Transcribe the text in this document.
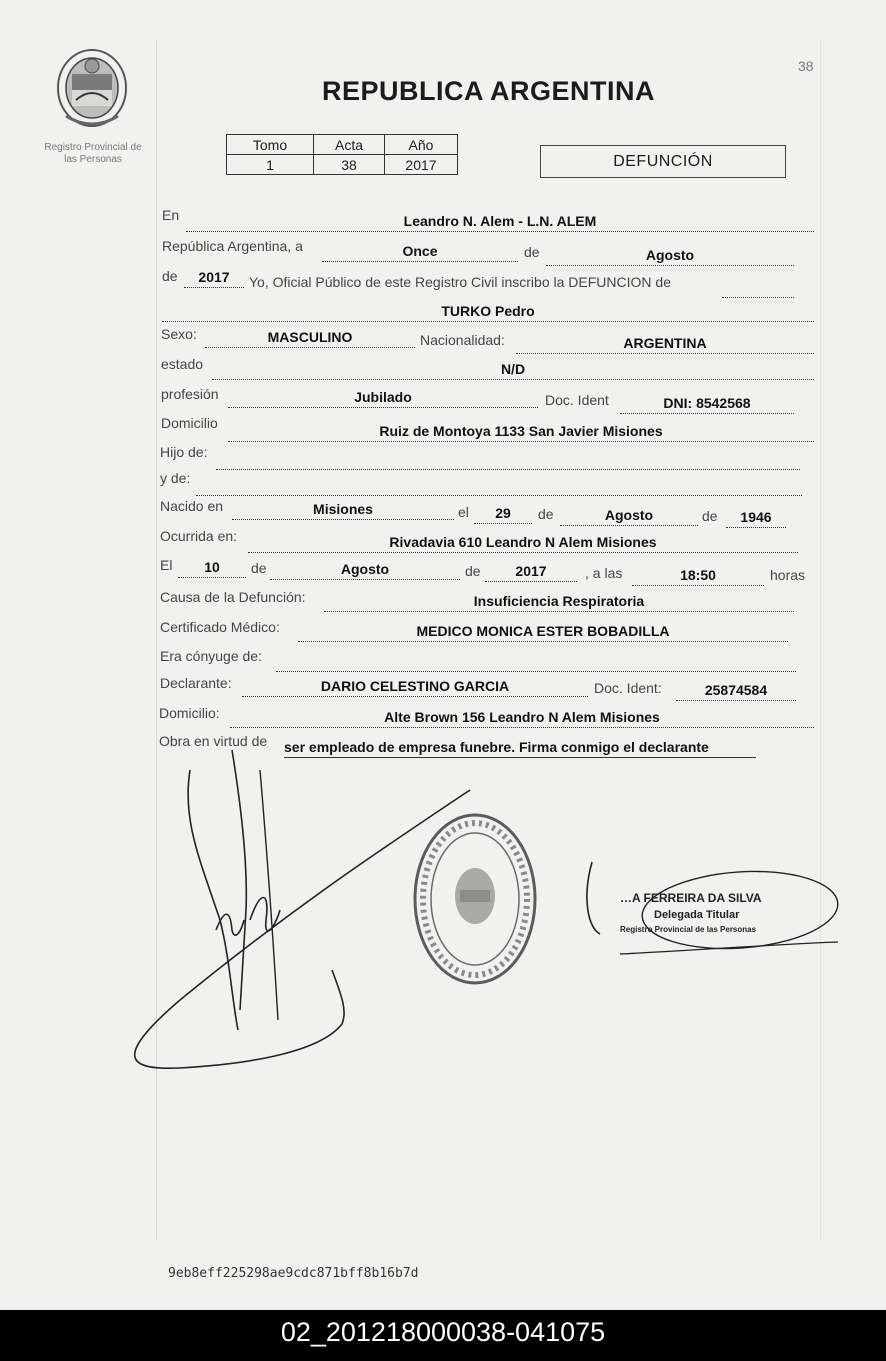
Registro Provincial de
las Personas
REPUBLICA ARGENTINA
38
Tomo	Acta	Año
1	38	2017	DEFUNCIÓN
En	Leandro N. Alem - L.N. ALEM
República Argentina, a	Once	de	Agosto
de	2017	Yo, Oficial Público de este Registro Civil inscribo la DEFUNCION de
TURKO Pedro
Sexo:	MASCULINO	Nacionalidad:	ARGENTINA
estado	N/D
profesión	Jubilado	Doc. Ident	DNI: 8542568
Domicilio	Ruiz de Montoya 1133 San Javier Misiones
Hijo de:
y de:
Nacido en	Misiones	el	29	de	Agosto	de	1946
Ocurrida en:	Rivadavia 610 Leandro N Alem Misiones
El	10	de	Agosto	de	2017	, a las	18:50	horas
Causa de la Defunción:	Insuficiencia Respiratoria
Certificado Médico:	MEDICO MONICA ESTER BOBADILLA
Era cónyuge de:
Declarante:	DARIO CELESTINO GARCIA	Doc. Ident:	25874584
Domicilio:	Alte Brown 156 Leandro N Alem Misiones
Obra en virtud de ser empleado de empresa funebre. Firma conmigo el declarante
…A FERREIRA DA SILVA
Delegada Titular
Registro Provincial de las Personas
9eb8eff225298ae9cdc871bff8b16b7d
02_201218000038-041075
